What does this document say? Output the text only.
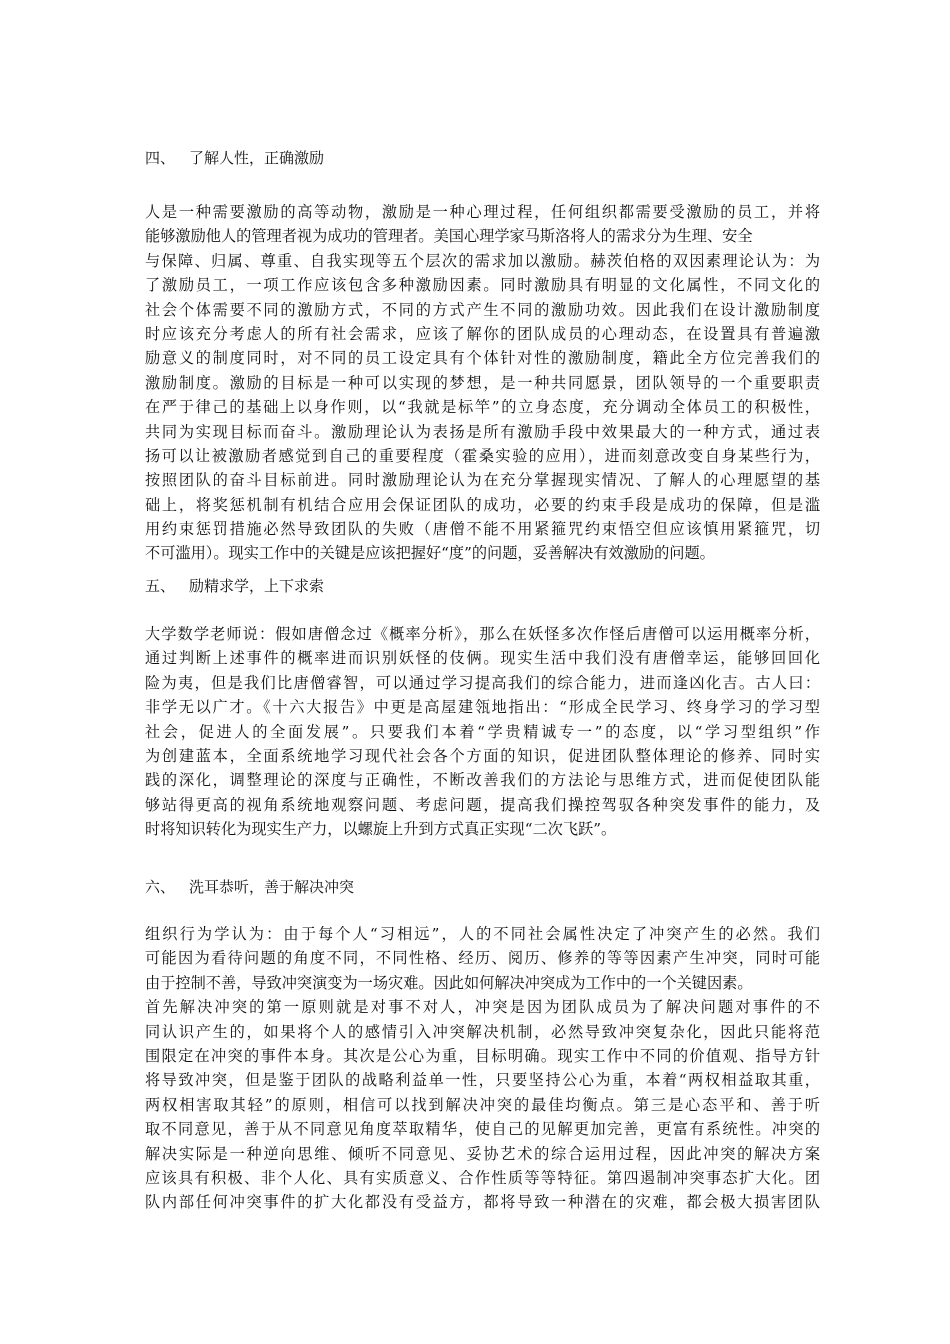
四、 了解人性，正确激励
人是一种需要激励的高等动物，激励是一种心理过程，任何组织都需要受激励的员工，并将
能够激励他人的管理者视为成功的管理者。美国心理学家马斯洛将人的需求分为生理、安全
与保障、归属、尊重、自我实现等五个层次的需求加以激励。赫茨伯格的双因素理论认为：为
了激励员工，一项工作应该包含多种激励因素。同时激励具有明显的文化属性，不同文化的
社会个体需要不同的激励方式，不同的方式产生不同的激励功效。因此我们在设计激励制度
时应该充分考虑人的所有社会需求，应该了解你的团队成员的心理动态，在设置具有普遍激
励意义的制度同时，对不同的员工设定具有个体针对性的激励制度，籍此全方位完善我们的
激励制度。激励的目标是一种可以实现的梦想，是一种共同愿景，团队领导的一个重要职责
在严于律己的基础上以身作则，以“我就是标竿”的立身态度，充分调动全体员工的积极性，
共同为实现目标而奋斗。激励理论认为表扬是所有激励手段中效果最大的一种方式，通过表
扬可以让被激励者感觉到自己的重要程度（霍桑实验的应用），进而刻意改变自身某些行为，
按照团队的奋斗目标前进。同时激励理论认为在充分掌握现实情况、了解人的心理愿望的基
础上，将奖惩机制有机结合应用会保证团队的成功，必要的约束手段是成功的保障，但是滥
用约束惩罚措施必然导致团队的失败（唐僧不能不用紧箍咒约束悟空但应该慎用紧箍咒，切
不可滥用）。现实工作中的关键是应该把握好“度”的问题，妥善解决有效激励的问题。
五、 励精求学，上下求索
大学数学老师说：假如唐僧念过《概率分析》，那么在妖怪多次作怪后唐僧可以运用概率分析，
通过判断上述事件的概率进而识别妖怪的伎俩。现实生活中我们没有唐僧幸运，能够回回化
险为夷，但是我们比唐僧睿智，可以通过学习提高我们的综合能力，进而逢凶化吉。古人曰：
非学无以广才。《十六大报告》中更是高屋建瓴地指出：“形成全民学习、终身学习的学习型
社会，促进人的全面发展”。只要我们本着“学贵精诚专一”的态度，以“学习型组织”作
为创建蓝本，全面系统地学习现代社会各个方面的知识，促进团队整体理论的修养、同时实
践的深化，调整理论的深度与正确性，不断改善我们的方法论与思维方式，进而促使团队能
够站得更高的视角系统地观察问题、考虑问题，提高我们操控驾驭各种突发事件的能力，及
时将知识转化为现实生产力，以螺旋上升到方式真正实现“二次飞跃”。
六、 洗耳恭听，善于解决冲突
组织行为学认为：由于每个人“习相远”，人的不同社会属性决定了冲突产生的必然。我们
可能因为看待问题的角度不同，不同性格、经历、阅历、修养的等等因素产生冲突，同时可能
由于控制不善，导致冲突演变为一场灾难。因此如何解决冲突成为工作中的一个关键因素。
首先解决冲突的第一原则就是对事不对人，冲突是因为团队成员为了解决问题对事件的不
同认识产生的，如果将个人的感情引入冲突解决机制，必然导致冲突复杂化，因此只能将范
围限定在冲突的事件本身。其次是公心为重，目标明确。现实工作中不同的价值观、指导方针
将导致冲突，但是鉴于团队的战略利益单一性，只要坚持公心为重，本着“两权相益取其重，
两权相害取其轻”的原则，相信可以找到解决冲突的最佳均衡点。第三是心态平和、善于听
取不同意见，善于从不同意见角度萃取精华，使自己的见解更加完善，更富有系统性。冲突的
解决实际是一种逆向思维、倾听不同意见、妥协艺术的综合运用过程，因此冲突的解决方案
应该具有积极、非个人化、具有实质意义、合作性质等等特征。第四遏制冲突事态扩大化。团
队内部任何冲突事件的扩大化都没有受益方，都将导致一种潜在的灾难，都会极大损害团队
